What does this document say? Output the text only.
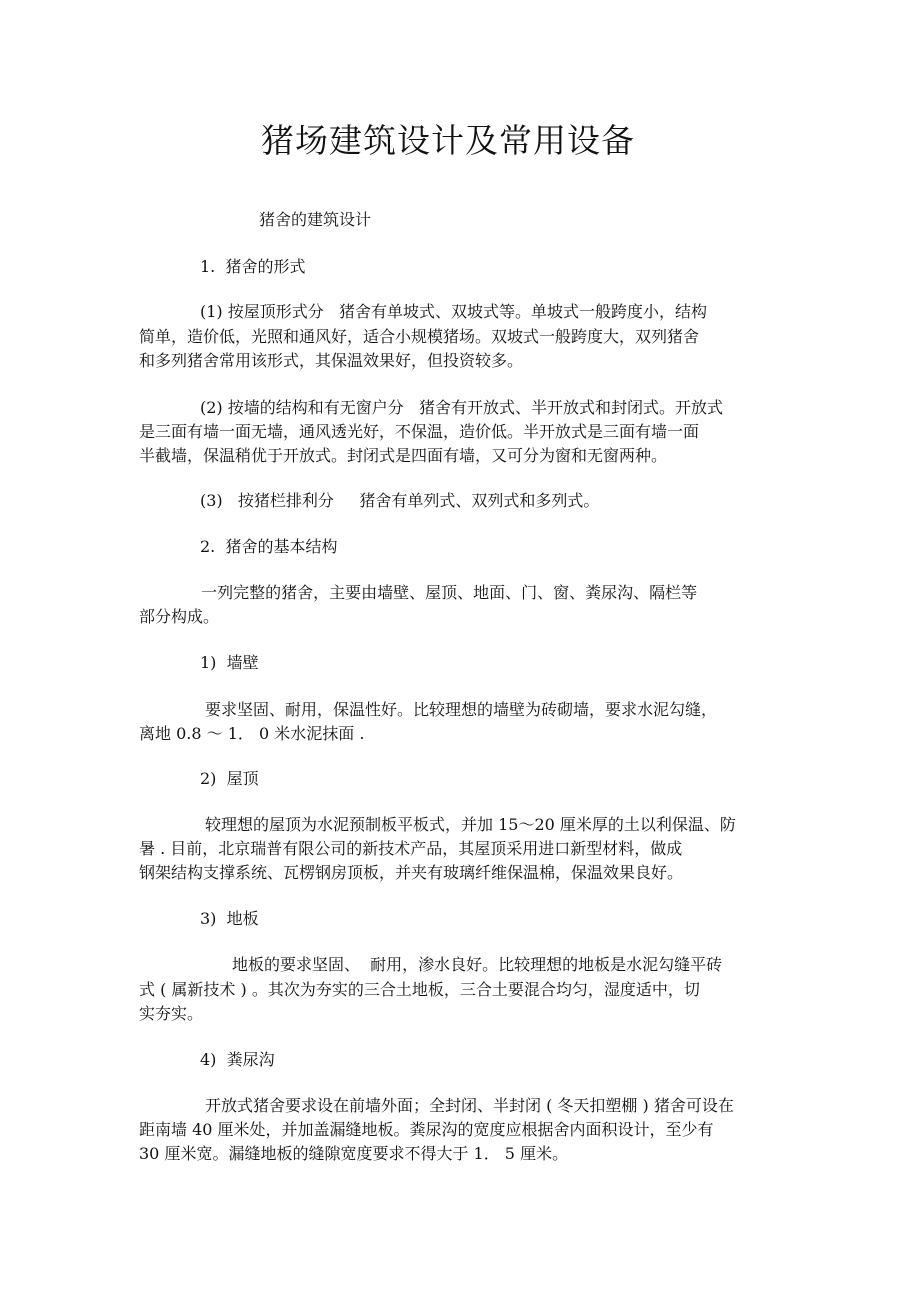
猪场建筑设计及常用设备
猪舍的建筑设计
1.  猪舍的形式
(1) 按屋顶形式分   猪舍有单坡式、双坡式等。单坡式一般跨度小，结构
简单，造价低，光照和通风好，适合小规模猪场。双坡式一般跨度大，双列猪舍
和多列猪舍常用该形式，其保温效果好，但投资较多。
(2) 按墙的结构和有无窗户分   猪舍有开放式、半开放式和封闭式。开放式
是三面有墙一面无墙，通风透光好，不保温，造价低。半开放式是三面有墙一面
半截墙，保温稍优于开放式。封闭式是四面有墙，又可分为窗和无窗两种。
(3)   按猪栏排利分     猪舍有单列式、双列式和多列式。
2.  猪舍的基本结构
一列完整的猪舍，主要由墙壁、屋顶、地面、门、窗、粪尿沟、隔栏等
部分构成。
1)  墙壁
要求坚固、耐用，保温性好。比较理想的墙壁为砖砌墙，要求水泥勾缝，
离地 0.8 ～ 1． 0 米水泥抹面 .
2)  屋顶
较理想的屋顶为水泥预制板平板式，并加 15～20 厘米厚的土以利保温、防
暑 . 目前，北京瑞普有限公司的新技术产品，其屋顶采用进口新型材料，做成
钢架结构支撑系统、瓦楞钢房顶板，并夹有玻璃纤维保温棉，保温效果良好。
3)  地板
地板的要求坚固、  耐用，渗水良好。比较理想的地板是水泥勾缝平砖
式 ( 属新技术 ) 。其次为夯实的三合土地板，三合土要混合均匀，湿度适中，切
实夯实。
4)  粪尿沟
开放式猪舍要求设在前墙外面；全封闭、半封闭 ( 冬天扣塑棚 ) 猪舍可设在
距南墙 40 厘米处，并加盖漏缝地板。粪尿沟的宽度应根据舍内面积设计，至少有
30 厘米宽。漏缝地板的缝隙宽度要求不得大于 1． 5 厘米。
